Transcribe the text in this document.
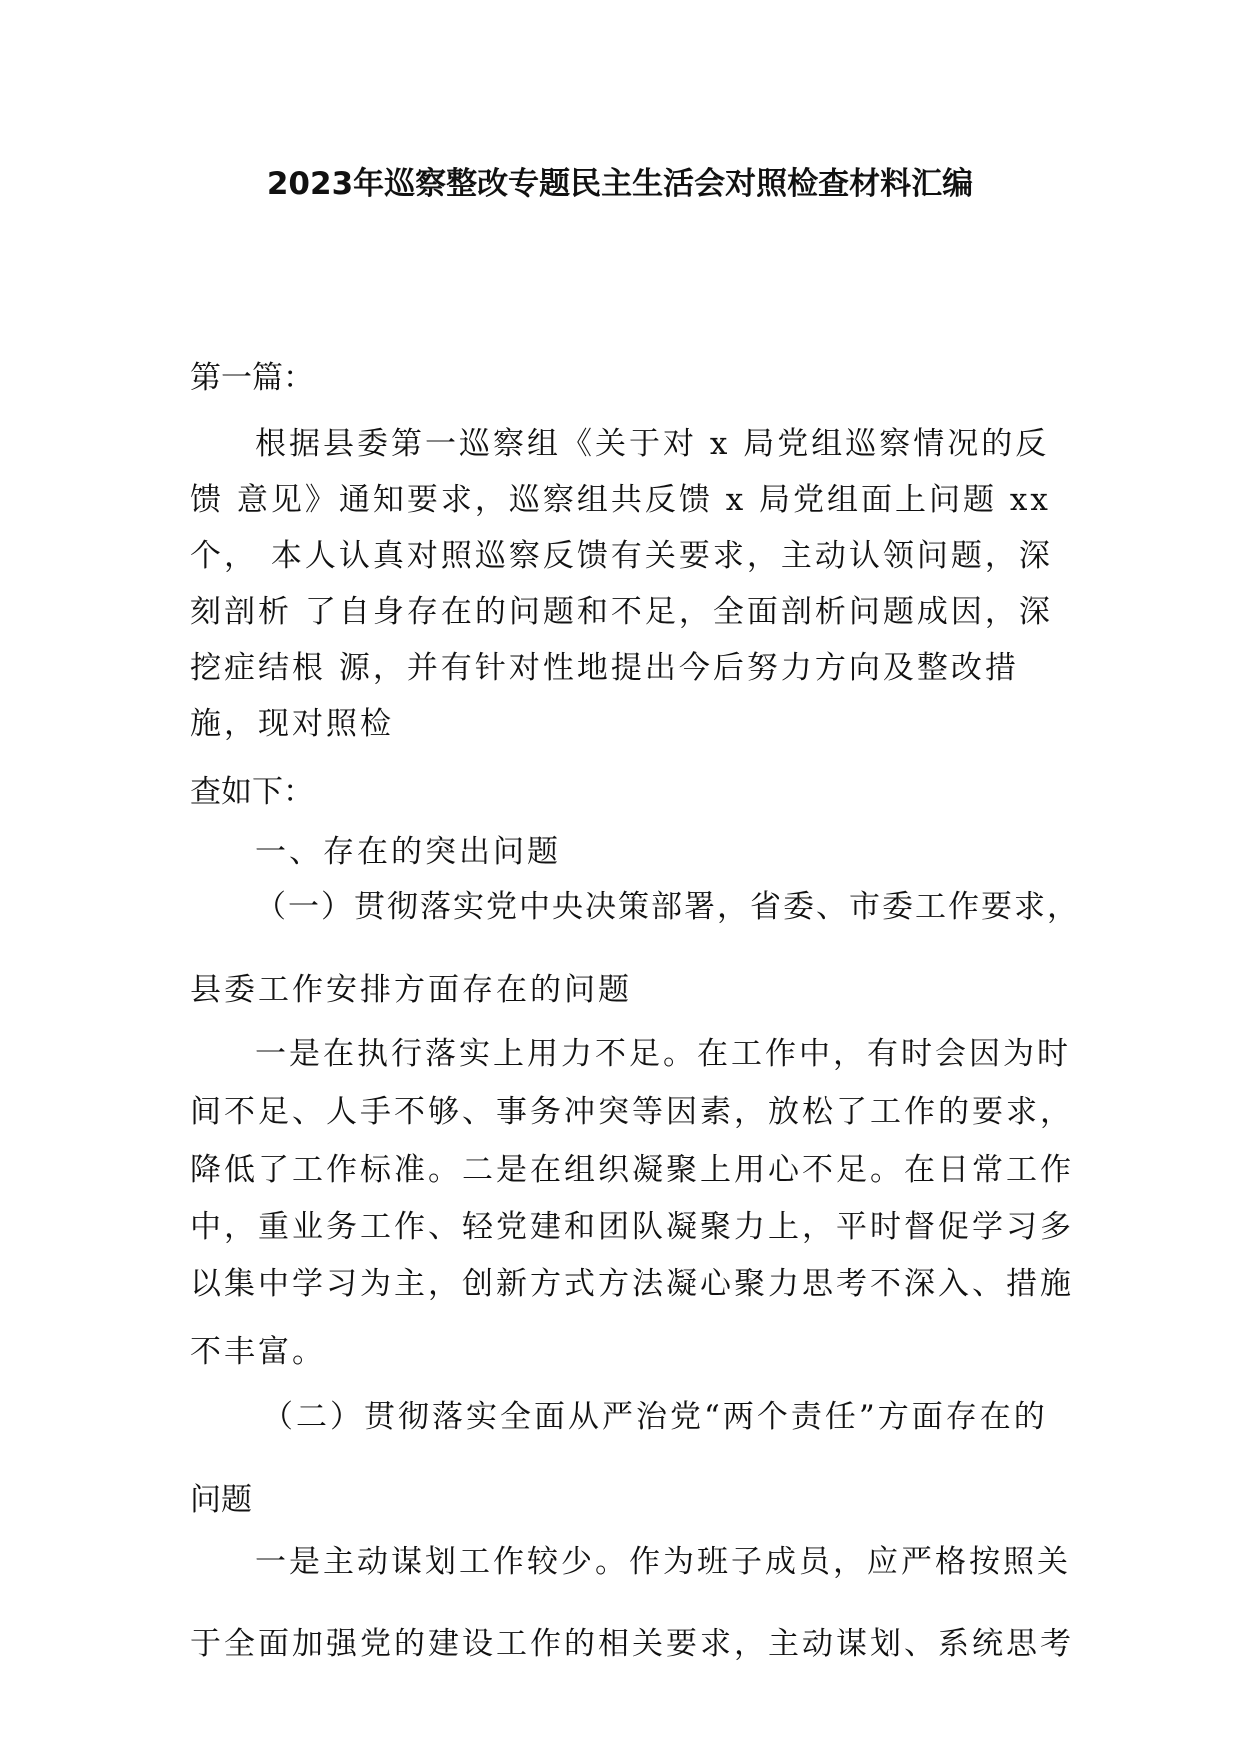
2023年巡察整改专题民主生活会对照检查材料汇编

第一篇：

根据县委第一巡察组《关于对 x 局党组巡察情况的反

馈 意见》通知要求，巡察组共反馈 x 局党组面上问题 xx

个， 本人认真对照巡察反馈有关要求，主动认领问题，深

刻剖析 了自身存在的问题和不足，全面剖析问题成因，深

挖症结根 源，并有针对性地提出今后努力方向及整改措

施，现对照检

查如下：

一、存在的突出问题

（一）贯彻落实党中央决策部署，省委、市委工作要求，

县委工作安排方面存在的问题

一是在执行落实上用力不足。在工作中，有时会因为时

间不足、人手不够、事务冲突等因素，放松了工作的要求，

降低了工作标准。二是在组织凝聚上用心不足。在日常工作

中，重业务工作、轻党建和团队凝聚力上，平时督促学习多

以集中学习为主，创新方式方法凝心聚力思考不深入、措施

不丰富。

（二）贯彻落实全面从严治党“两个责任”方面存在的

问题

一是主动谋划工作较少。作为班子成员，应严格按照关

于全面加强党的建设工作的相关要求，主动谋划、系统思考
